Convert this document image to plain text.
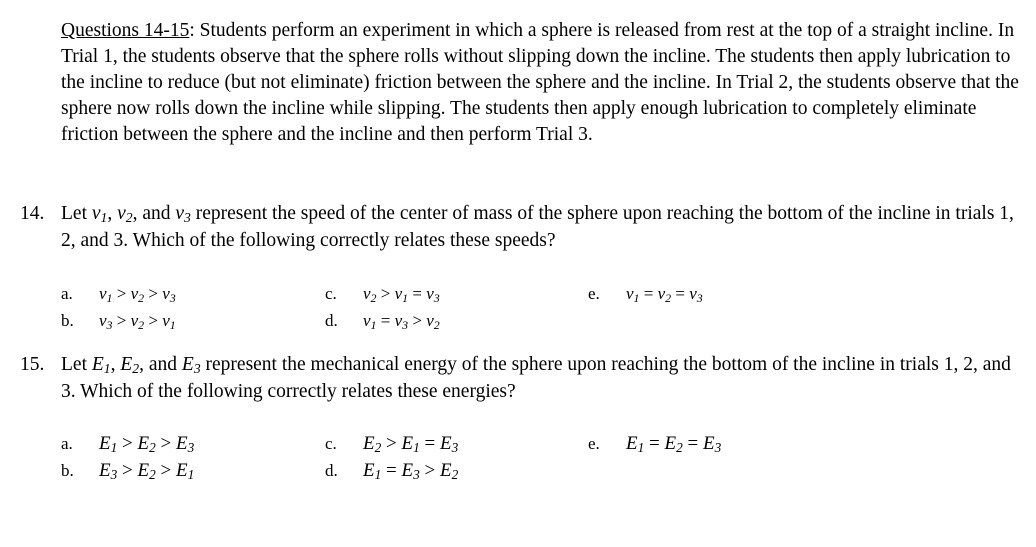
Questions 14-15: Students perform an experiment in which a sphere is released from rest at the top of a straight incline. In Trial 1, the students observe that the sphere rolls without slipping down the incline. The students then apply lubrication to the incline to reduce (but not eliminate) friction between the sphere and the incline. In Trial 2, the students observe that the sphere now rolls down the incline while slipping. The students then apply enough lubrication to completely eliminate friction between the sphere and the incline and then perform Trial 3.
14. Let $v_1$, $v_2$, and $v_3$ represent the speed of the center of mass of the sphere upon reaching the bottom of the incline in trials 1, 2, and 3. Which of the following correctly relates these speeds?
a. $v_1 > v_2 > v_3$
b. $v_3 > v_2 > v_1$
c. $v_2 > v_1 = v_3$
d. $v_1 = v_3 > v_2$
e. $v_1 = v_2 = v_3$
15. Let $E_1$, $E_2$, and $E_3$ represent the mechanical energy of the sphere upon reaching the bottom of the incline in trials 1, 2, and 3. Which of the following correctly relates these energies?
a. $E_1 > E_2 > E_3$
b. $E_3 > E_2 > E_1$
c. $E_2 > E_1 = E_3$
d. $E_1 = E_3 > E_2$
e. $E_1 = E_2 = E_3$
